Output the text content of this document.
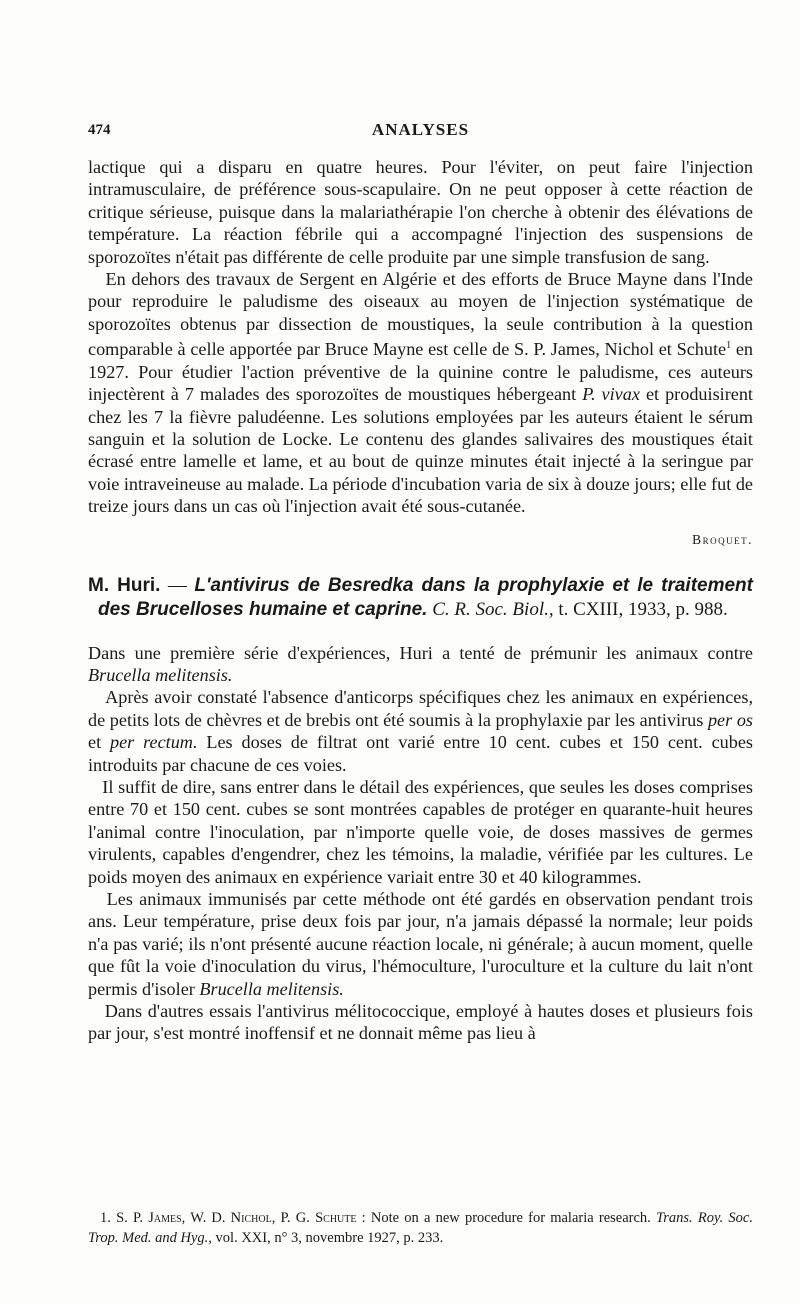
474	ANALYSES

lactique qui a disparu en quatre heures. Pour l'éviter, on peut faire l'injection intramusculaire, de préférence sous-scapulaire. On ne peut opposer à cette réaction de critique sérieuse, puisque dans la malariathérapie l'on cherche à obtenir des élévations de température. La réaction fébrile qui a accompagné l'injection des suspensions de sporozoïtes n'était pas différente de celle produite par une simple transfusion de sang.

En dehors des travaux de Sergent en Algérie et des efforts de Bruce Mayne dans l'Inde pour reproduire le paludisme des oiseaux au moyen de l'injection systématique de sporozoïtes obtenus par dissection de moustiques, la seule contribution à la question comparable à celle apportée par Bruce Mayne est celle de S. P. James, Nichol et Schute$^1$ en 1927. Pour étudier l'action préventive de la quinine contre le paludisme, ces auteurs injectèrent à 7 malades des sporozoïtes de moustiques hébergeant P. vivax et produisirent chez les 7 la fièvre paludéenne. Les solutions employées par les auteurs étaient le sérum sanguin et la solution de Locke. Le contenu des glandes salivaires des moustiques était écrasé entre lamelle et lame, et au bout de quinze minutes était injecté à la seringue par voie intraveineuse au malade. La période d'incubation varia de six à douze jours; elle fut de treize jours dans un cas où l'injection avait été sous-cutanée.

Broquet.

M. Huri. — L'antivirus de Besredka dans la prophylaxie et le traitement des Brucelloses humaine et caprine. C. R. Soc. Biol., t. CXIII, 1933, p. 988.

Dans une première série d'expériences, Huri a tenté de prémunir les animaux contre Brucella melitensis.

Après avoir constaté l'absence d'anticorps spécifiques chez les animaux en expériences, de petits lots de chèvres et de brebis ont été soumis à la prophylaxie par les antivirus per os et per rectum. Les doses de filtrat ont varié entre 10 cent. cubes et 150 cent. cubes introduits par chacune de ces voies.

Il suffit de dire, sans entrer dans le détail des expériences, que seules les doses comprises entre 70 et 150 cent. cubes se sont montrées capables de protéger en quarante-huit heures l'animal contre l'inoculation, par n'importe quelle voie, de doses massives de germes virulents, capables d'engendrer, chez les témoins, la maladie, vérifiée par les cultures. Le poids moyen des animaux en expérience variait entre 30 et 40 kilogrammes.

Les animaux immunisés par cette méthode ont été gardés en observation pendant trois ans. Leur température, prise deux fois par jour, n'a jamais dépassé la normale; leur poids n'a pas varié; ils n'ont présenté aucune réaction locale, ni générale; à aucun moment, quelle que fût la voie d'inoculation du virus, l'hémoculture, l'uroculture et la culture du lait n'ont permis d'isoler Brucella melitensis.

Dans d'autres essais l'antivirus mélitococcique, employé à hautes doses et plusieurs fois par jour, s'est montré inoffensif et ne donnait même pas lieu à

1. S. P. James, W. D. Nichol, P. G. Schute : Note on a new procedure for malaria research. Trans. Roy. Soc. Trop. Med. and Hyg., vol. XXI, n° 3, novembre 1927, p. 233.
